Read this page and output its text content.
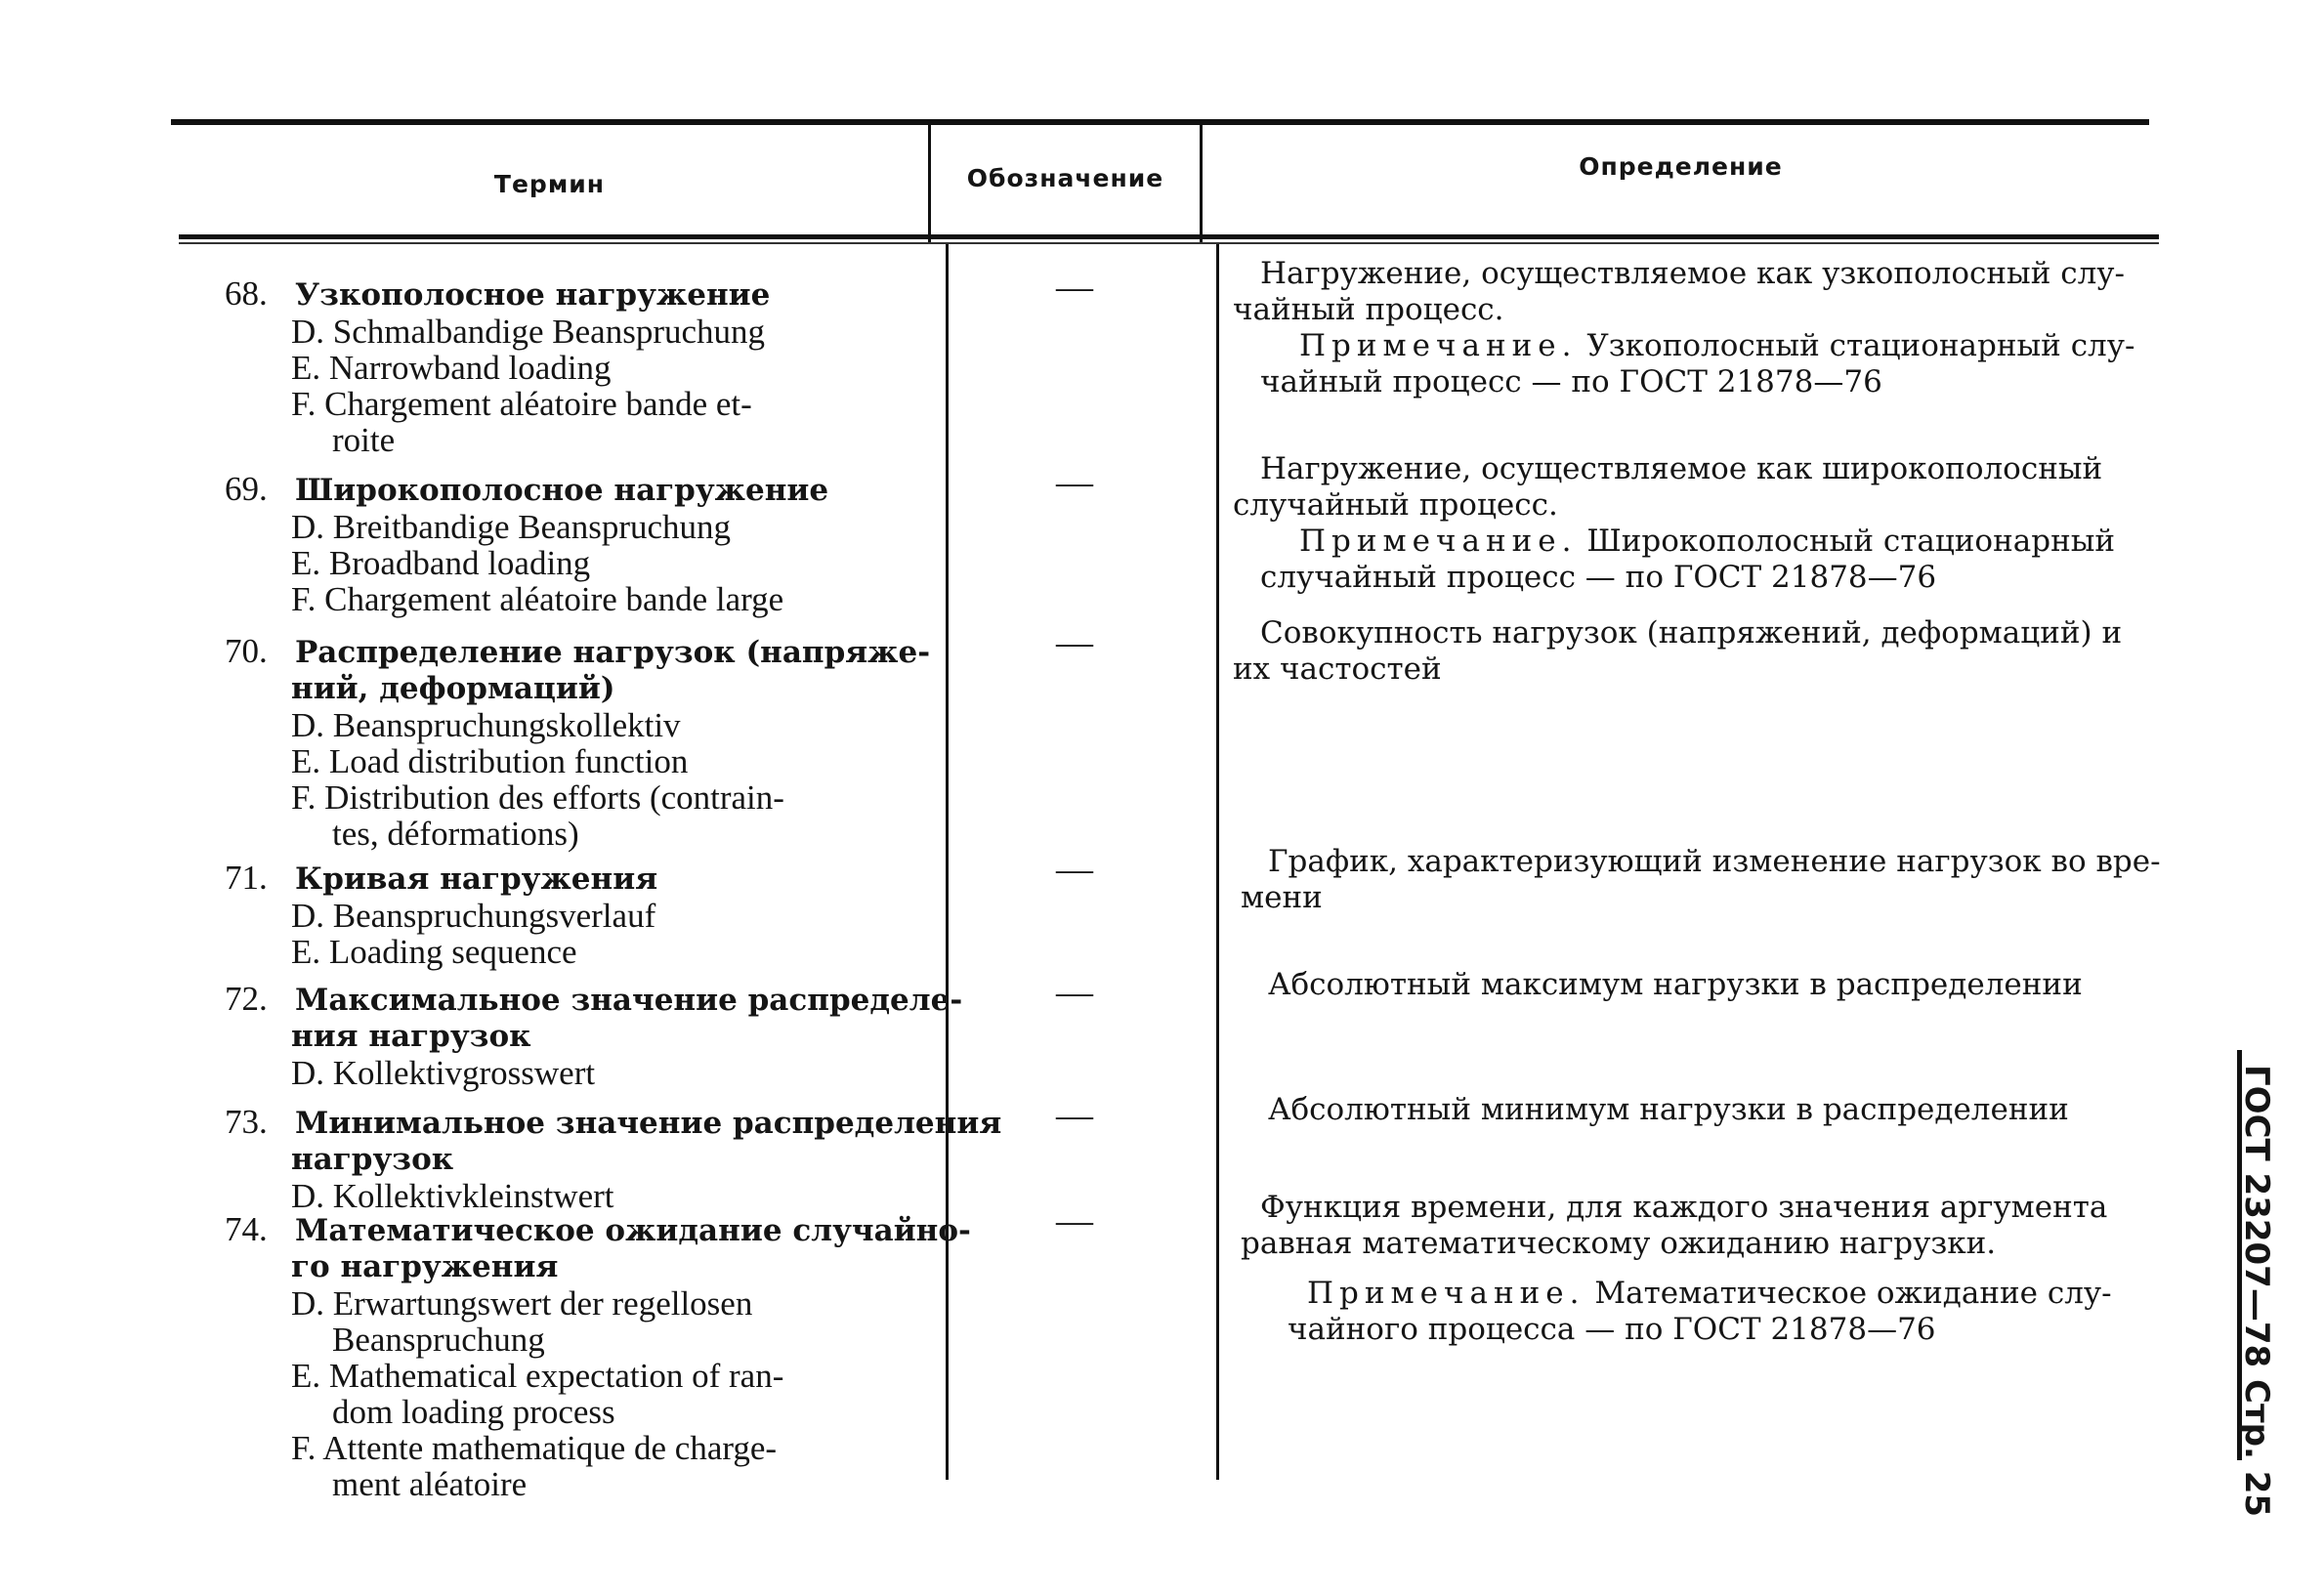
Термин	Обозначение	Определение
68. Узкополосное нагружение
D. Schmalbandige Beanspruchung
E. Narrowband loading
F. Chargement aléatoire bande et-
roite
—	Нагружение, осуществляемое как узкополосный слу-
чайный процесс.
Примечание. Узкополосный стационарный слу-
чайный процесс — по ГОСТ 21878—76
69. Широкополосное нагружение
D. Breitbandige Beanspruchung
E. Broadband loading
F. Chargement aléatoire bande large
—	Нагружение, осуществляемое как широкополосный
случайный процесс.
Примечание. Широкополосный стационарный
случайный процесс — по ГОСТ 21878—76
70. Распределение нагрузок (напряже-
ний, деформаций)
D. Beanspruchungskollektiv
E. Load distribution function
F. Distribution des efforts (contrain-
tes, déformations)
—	Совокупность нагрузок (напряжений, деформаций) и
их частостей
71. Кривая нагружения
D. Beanspruchungsverlauf
E. Loading sequence
—	График, характеризующий изменение нагрузок во вре-
мени
72. Максимальное значение распределе-
ния нагрузок
D. Kollektivgrosswert
—	Абсолютный максимум нагрузки в распределении
73. Минимальное значение распределения
нагрузок
D. Kollektivkleinstwert
—	Абсолютный минимум нагрузки в распределении
74. Математическое ожидание случайно-
го нагружения
D. Erwartungswert der regellosen
Beanspruchung
E. Mathematical expectation of ran-
dom loading process
F. Attente mathematique de charge-
ment aléatoire
—	Функция времени, для каждого значения аргумента
равная математическому ожиданию нагрузки.
Примечание. Математическое ожидание слу-
чайного процесса — по ГОСТ 21878—76	ГОСТ 23207—78 Стр. 25
